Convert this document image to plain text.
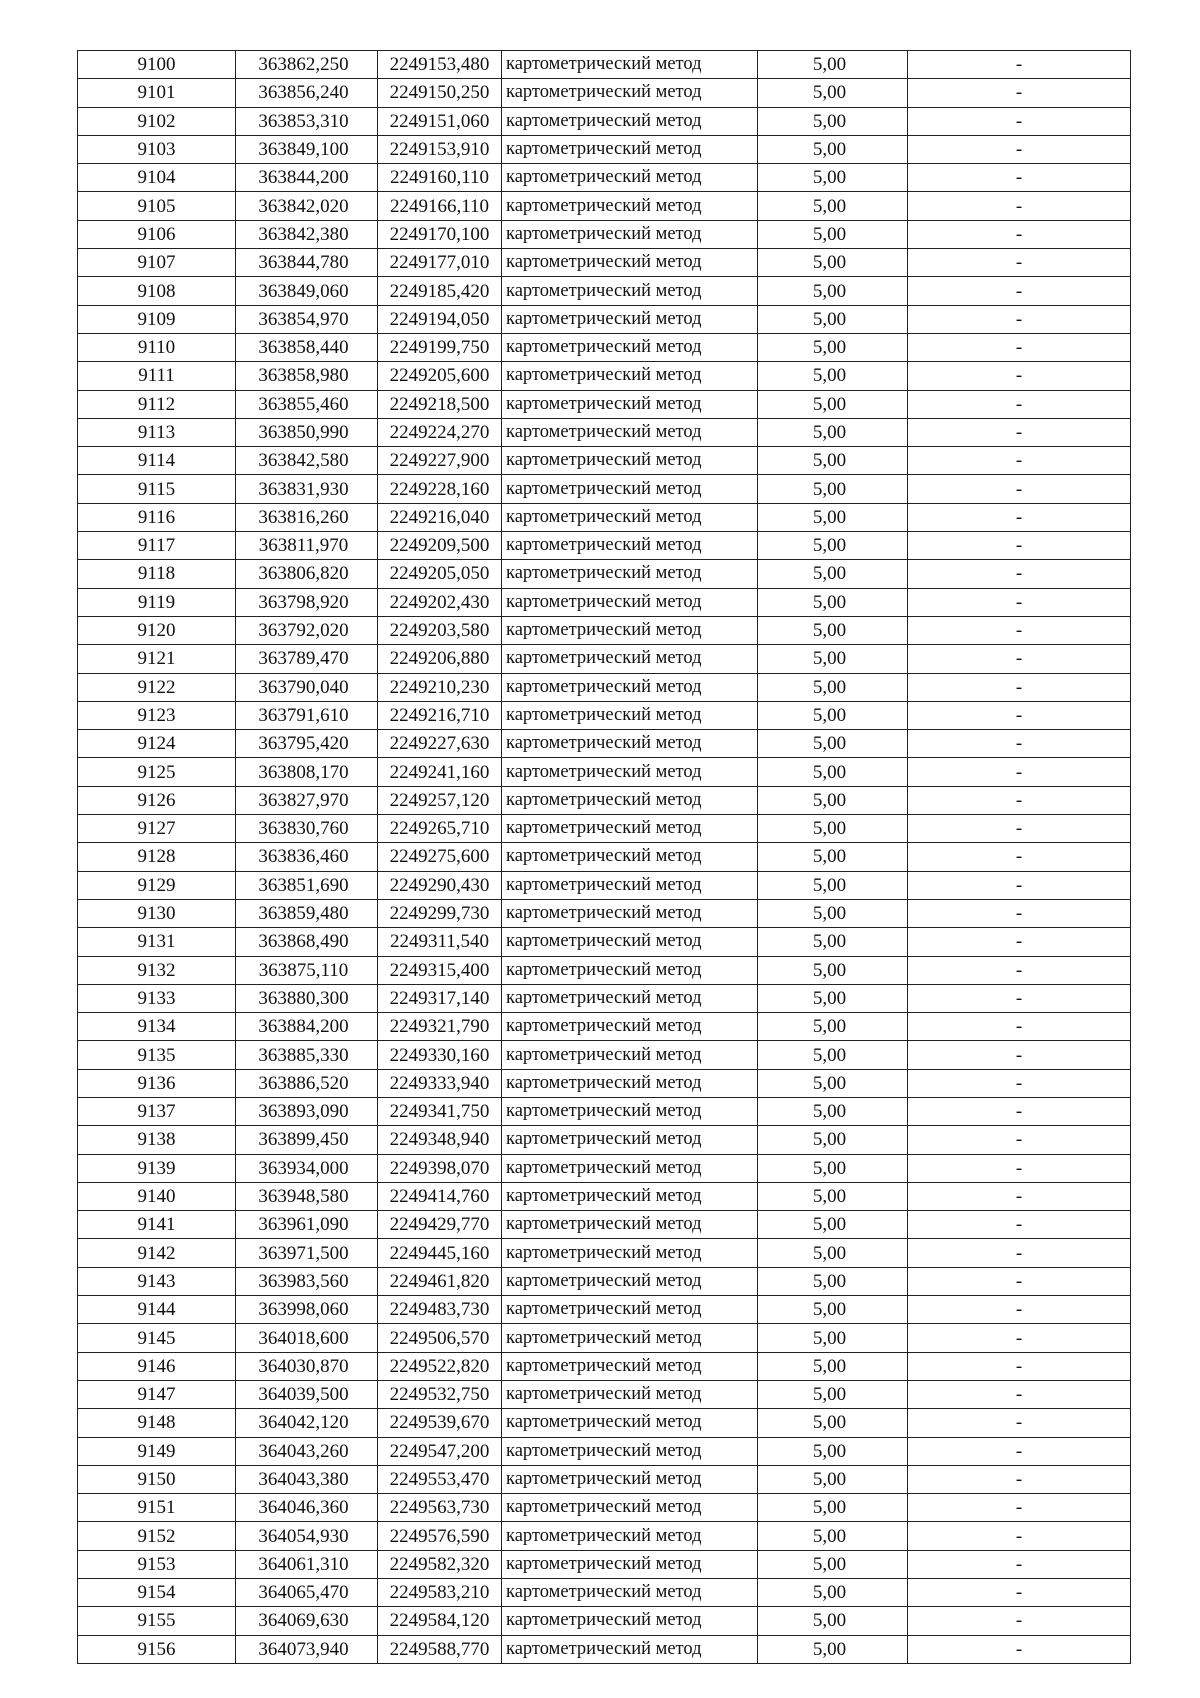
9100	363862,250	2249153,480	картометрический метод	5,00	-
9101	363856,240	2249150,250	картометрический метод	5,00	-
9102	363853,310	2249151,060	картометрический метод	5,00	-
9103	363849,100	2249153,910	картометрический метод	5,00	-
9104	363844,200	2249160,110	картометрический метод	5,00	-
9105	363842,020	2249166,110	картометрический метод	5,00	-
9106	363842,380	2249170,100	картометрический метод	5,00	-
9107	363844,780	2249177,010	картометрический метод	5,00	-
9108	363849,060	2249185,420	картометрический метод	5,00	-
9109	363854,970	2249194,050	картометрический метод	5,00	-
9110	363858,440	2249199,750	картометрический метод	5,00	-
9111	363858,980	2249205,600	картометрический метод	5,00	-
9112	363855,460	2249218,500	картометрический метод	5,00	-
9113	363850,990	2249224,270	картометрический метод	5,00	-
9114	363842,580	2249227,900	картометрический метод	5,00	-
9115	363831,930	2249228,160	картометрический метод	5,00	-
9116	363816,260	2249216,040	картометрический метод	5,00	-
9117	363811,970	2249209,500	картометрический метод	5,00	-
9118	363806,820	2249205,050	картометрический метод	5,00	-
9119	363798,920	2249202,430	картометрический метод	5,00	-
9120	363792,020	2249203,580	картометрический метод	5,00	-
9121	363789,470	2249206,880	картометрический метод	5,00	-
9122	363790,040	2249210,230	картометрический метод	5,00	-
9123	363791,610	2249216,710	картометрический метод	5,00	-
9124	363795,420	2249227,630	картометрический метод	5,00	-
9125	363808,170	2249241,160	картометрический метод	5,00	-
9126	363827,970	2249257,120	картометрический метод	5,00	-
9127	363830,760	2249265,710	картометрический метод	5,00	-
9128	363836,460	2249275,600	картометрический метод	5,00	-
9129	363851,690	2249290,430	картометрический метод	5,00	-
9130	363859,480	2249299,730	картометрический метод	5,00	-
9131	363868,490	2249311,540	картометрический метод	5,00	-
9132	363875,110	2249315,400	картометрический метод	5,00	-
9133	363880,300	2249317,140	картометрический метод	5,00	-
9134	363884,200	2249321,790	картометрический метод	5,00	-
9135	363885,330	2249330,160	картометрический метод	5,00	-
9136	363886,520	2249333,940	картометрический метод	5,00	-
9137	363893,090	2249341,750	картометрический метод	5,00	-
9138	363899,450	2249348,940	картометрический метод	5,00	-
9139	363934,000	2249398,070	картометрический метод	5,00	-
9140	363948,580	2249414,760	картометрический метод	5,00	-
9141	363961,090	2249429,770	картометрический метод	5,00	-
9142	363971,500	2249445,160	картометрический метод	5,00	-
9143	363983,560	2249461,820	картометрический метод	5,00	-
9144	363998,060	2249483,730	картометрический метод	5,00	-
9145	364018,600	2249506,570	картометрический метод	5,00	-
9146	364030,870	2249522,820	картометрический метод	5,00	-
9147	364039,500	2249532,750	картометрический метод	5,00	-
9148	364042,120	2249539,670	картометрический метод	5,00	-
9149	364043,260	2249547,200	картометрический метод	5,00	-
9150	364043,380	2249553,470	картометрический метод	5,00	-
9151	364046,360	2249563,730	картометрический метод	5,00	-
9152	364054,930	2249576,590	картометрический метод	5,00	-
9153	364061,310	2249582,320	картометрический метод	5,00	-
9154	364065,470	2249583,210	картометрический метод	5,00	-
9155	364069,630	2249584,120	картометрический метод	5,00	-
9156	364073,940	2249588,770	картометрический метод	5,00	-
